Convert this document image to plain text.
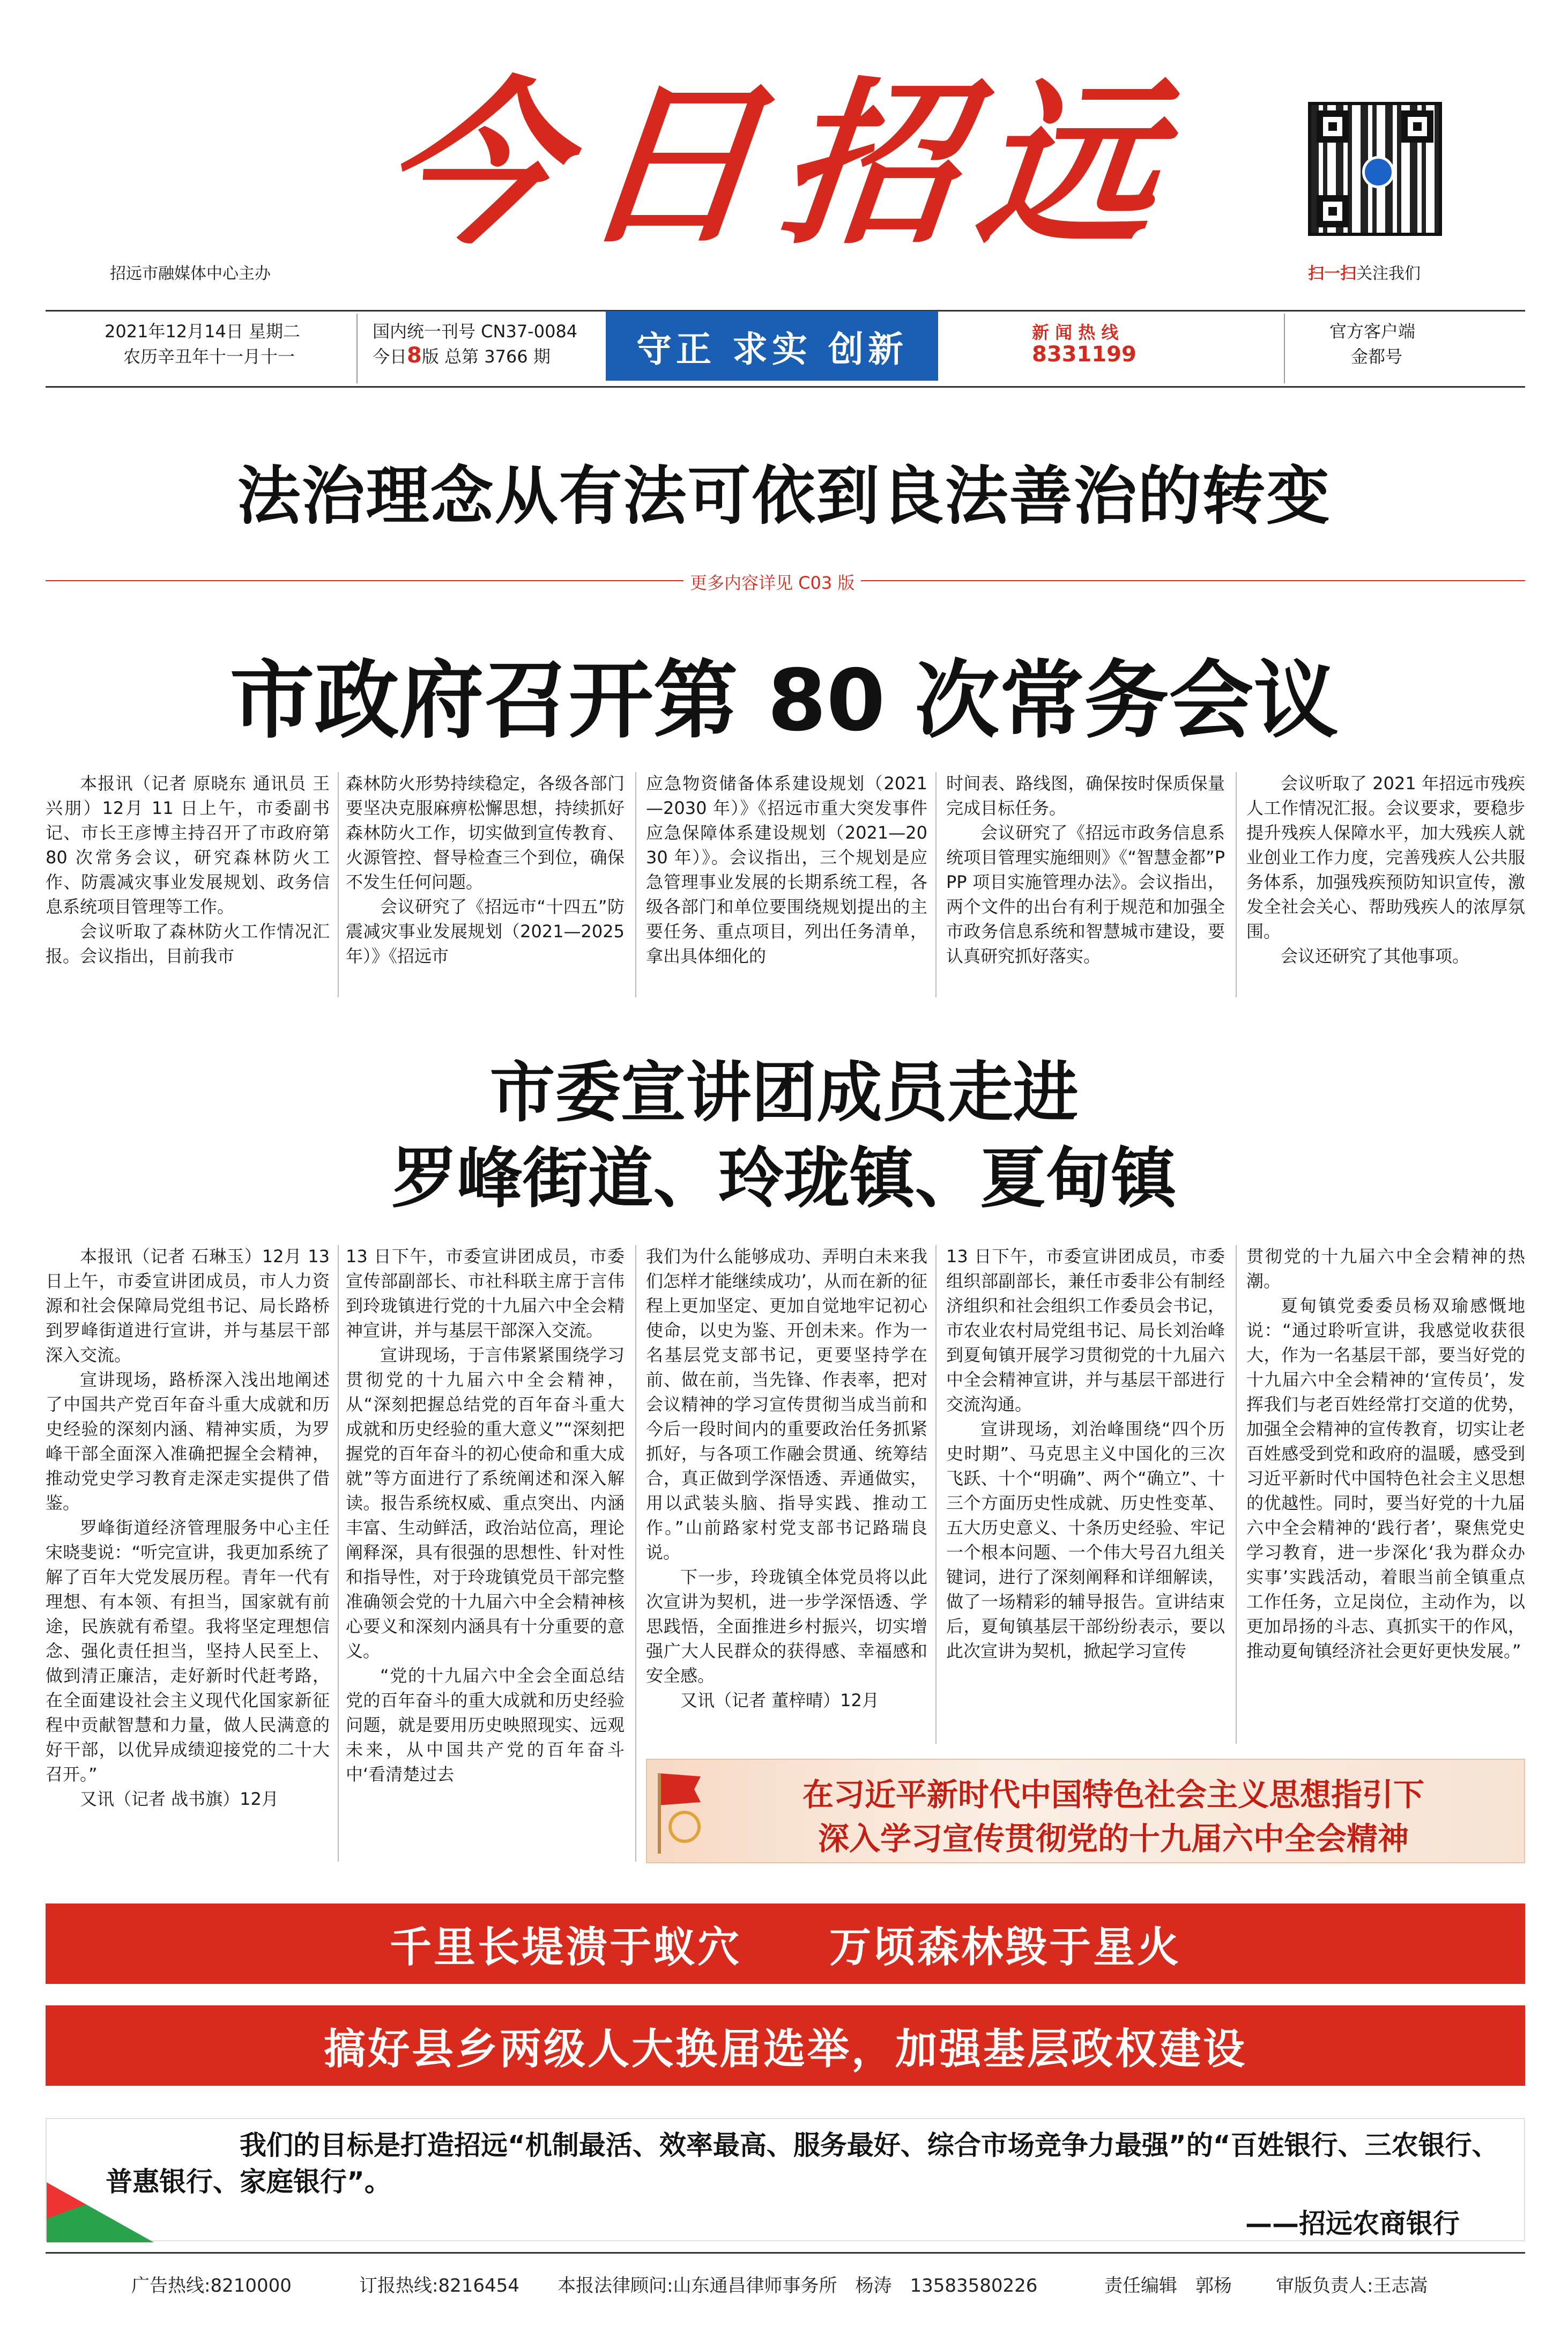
今日招远
招远市融媒体中心主办	扫一扫关注我们
2021年12月14日 星期二
农历辛丑年十一月十一
国内统一刊号 CN37-0084
今日8版 总第 3766 期	守正 求实 创新	新 闻 热 线
8331199
官方客户端
金都号
法治理念从有法可依到良法善治的转变
更多内容详见 C03 版
市政府召开第 80 次常务会议

本报讯（记者 原晓东 通讯员 王兴朋）12月 11 日上午，市委副书记、市长王彦博主持召开了市政府第 80 次常务会议，研究森林防火工作、防震减灾事业发展规划、政务信息系统项目管理等工作。

会议听取了森林防火工作情况汇报。会议指出，目前我市

森林防火形势持续稳定，各级各部门要坚决克服麻痹松懈思想，持续抓好森林防火工作，切实做到宣传教育、火源管控、督导检查三个到位，确保不发生任何问题。

会议研究了《招远市“十四五”防震减灾事业发展规划（2021—2025 年）》《招远市

应急物资储备体系建设规划（2021—2030 年）》《招远市重大突发事件应急保障体系建设规划（2021—2030 年）》。会议指出，三个规划是应急管理事业发展的长期系统工程，各级各部门和单位要围绕规划提出的主要任务、重点项目，列出任务清单，拿出具体细化的

时间表、路线图，确保按时保质保量完成目标任务。

会议研究了《招远市政务信息系统项目管理实施细则》《“智慧金都”PPP 项目实施管理办法》。会议指出，两个文件的出台有利于规范和加强全市政务信息系统和智慧城市建设，要认真研究抓好落实。

会议听取了 2021 年招远市残疾人工作情况汇报。会议要求，要稳步提升残疾人保障水平，加大残疾人就业创业工作力度，完善残疾人公共服务体系，加强残疾预防知识宣传，激发全社会关心、帮助残疾人的浓厚氛围。

会议还研究了其他事项。

市委宣讲团成员走进
罗峰街道、玲珑镇、夏甸镇

本报讯（记者 石琳玉）12月 13 日上午，市委宣讲团成员，市人力资源和社会保障局党组书记、局长路桥到罗峰街道进行宣讲，并与基层干部深入交流。

宣讲现场，路桥深入浅出地阐述了中国共产党百年奋斗重大成就和历史经验的深刻内涵、精神实质，为罗峰干部全面深入准确把握全会精神，推动党史学习教育走深走实提供了借鉴。

罗峰街道经济管理服务中心主任宋晓斐说：“听完宣讲，我更加系统了解了百年大党发展历程。青年一代有理想、有本领、有担当，国家就有前途，民族就有希望。我将坚定理想信念、强化责任担当，坚持人民至上、做到清正廉洁，走好新时代赶考路，在全面建设社会主义现代化国家新征程中贡献智慧和力量，做人民满意的好干部，以优异成绩迎接党的二十大召开。”

又讯（记者 战书旗）12月

13 日下午，市委宣讲团成员，市委宣传部副部长、市社科联主席于言伟到玲珑镇进行党的十九届六中全会精神宣讲，并与基层干部深入交流。

宣讲现场，于言伟紧紧围绕学习贯彻党的十九届六中全会精神，从“深刻把握总结党的百年奋斗重大成就和历史经验的重大意义”“深刻把握党的百年奋斗的初心使命和重大成就”等方面进行了系统阐述和深入解读。报告系统权威、重点突出、内涵丰富、生动鲜活，政治站位高，理论阐释深，具有很强的思想性、针对性和指导性，对于玲珑镇党员干部完整准确领会党的十九届六中全会精神核心要义和深刻内涵具有十分重要的意义。

“党的十九届六中全会全面总结党的百年奋斗的重大成就和历史经验问题，就是要用历史映照现实、远观未来，从中国共产党的百年奋斗中‘看清楚过去

我们为什么能够成功、弄明白未来我们怎样才能继续成功’，从而在新的征程上更加坚定、更加自觉地牢记初心使命，以史为鉴、开创未来。作为一名基层党支部书记，更要坚持学在前、做在前，当先锋、作表率，把对会议精神的学习宣传贯彻当成当前和今后一段时间内的重要政治任务抓紧抓好，与各项工作融会贯通、统筹结合，真正做到学深悟透、弄通做实，用以武装头脑、指导实践、推动工作。”山前路家村党支部书记路瑞良说。

下一步，玲珑镇全体党员将以此次宣讲为契机，进一步学深悟透、学思践悟，全面推进乡村振兴，切实增强广大人民群众的获得感、幸福感和安全感。

又讯（记者 董梓晴）12月

13 日下午，市委宣讲团成员，市委组织部副部长，兼任市委非公有制经济组织和社会组织工作委员会书记，市农业农村局党组书记、局长刘治峰到夏甸镇开展学习贯彻党的十九届六中全会精神宣讲，并与基层干部进行交流沟通。

宣讲现场，刘治峰围绕“四个历史时期”、马克思主义中国化的三次飞跃、十个“明确”、两个“确立”、十三个方面历史性成就、历史性变革、五大历史意义、十条历史经验、牢记一个根本问题、一个伟大号召九组关键词，进行了深刻阐释和详细解读，做了一场精彩的辅导报告。宣讲结束后，夏甸镇基层干部纷纷表示，要以此次宣讲为契机，掀起学习宣传

贯彻党的十九届六中全会精神的热潮。

夏甸镇党委委员杨双瑜感慨地说：“通过聆听宣讲，我感觉收获很大，作为一名基层干部，要当好党的十九届六中全会精神的‘宣传员’，发挥我们与老百姓经常打交道的优势，加强全会精神的宣传教育，切实让老百姓感受到党和政府的温暖，感受到习近平新时代中国特色社会主义思想的优越性。同时，要当好党的十九届六中全会精神的‘践行者’，聚焦党史学习教育，进一步深化‘我为群众办实事’实践活动，着眼当前全镇重点工作任务，立足岗位，主动作为，以更加昂扬的斗志、真抓实干的作风，推动夏甸镇经济社会更好更快发展。”

在习近平新时代中国特色社会主义思想指引下
深入学习宣传贯彻党的十九届六中全会精神
千里长堤溃于蚁穴　　万顷森林毁于星火
搞好县乡两级人大换届选举，加强基层政权建设
我们的目标是打造招远“机制最活、效率最高、服务最好、综合市场竞争力最强”的“百姓银行、三农银行、普惠银行、家庭银行”。
——招远农商银行
广告热线:8210000	订报热线:8216454 本报法律顾问:山东通昌律师事务所　杨涛　13583580226	责任编辑　郭杨 审版负责人:王志嵩
